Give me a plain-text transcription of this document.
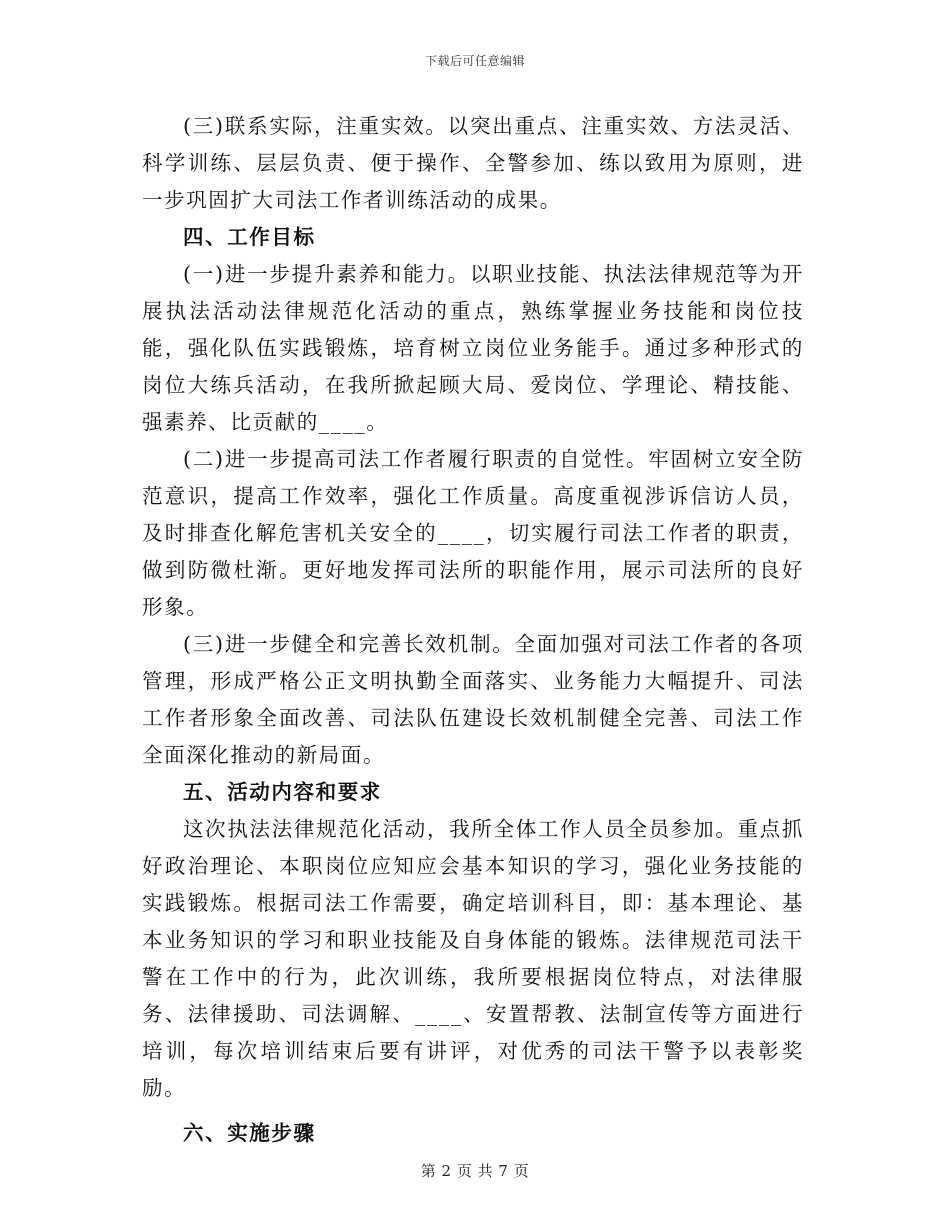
下载后可任意编辑

(三)联系实际，注重实效。以突出重点、注重实效、方法灵活、科学训练、层层负责、便于操作、全警参加、练以致用为原则，进一步巩固扩大司法工作者训练活动的成果。

四、工作目标

(一)进一步提升素养和能力。以职业技能、执法法律规范等为开展执法活动法律规范化活动的重点，熟练掌握业务技能和岗位技能，强化队伍实践锻炼，培育树立岗位业务能手。通过多种形式的岗位大练兵活动，在我所掀起顾大局、爱岗位、学理论、精技能、强素养、比贡献的____。

(二)进一步提高司法工作者履行职责的自觉性。牢固树立安全防范意识，提高工作效率，强化工作质量。高度重视涉诉信访人员，及时排查化解危害机关安全的____，切实履行司法工作者的职责，做到防微杜渐。更好地发挥司法所的职能作用，展示司法所的良好形象。

(三)进一步健全和完善长效机制。全面加强对司法工作者的各项管理，形成严格公正文明执勤全面落实、业务能力大幅提升、司法工作者形象全面改善、司法队伍建设长效机制健全完善、司法工作全面深化推动的新局面。

五、活动内容和要求

这次执法法律规范化活动，我所全体工作人员全员参加。重点抓好政治理论、本职岗位应知应会基本知识的学习，强化业务技能的实践锻炼。根据司法工作需要，确定培训科目，即：基本理论、基本业务知识的学习和职业技能及自身体能的锻炼。法律规范司法干警在工作中的行为，此次训练，我所要根据岗位特点，对法律服务、法律援助、司法调解、____、安置帮教、法制宣传等方面进行培训，每次培训结束后要有讲评，对优秀的司法干警予以表彰奖励。

六、实施步骤

第 2 页 共 7 页
